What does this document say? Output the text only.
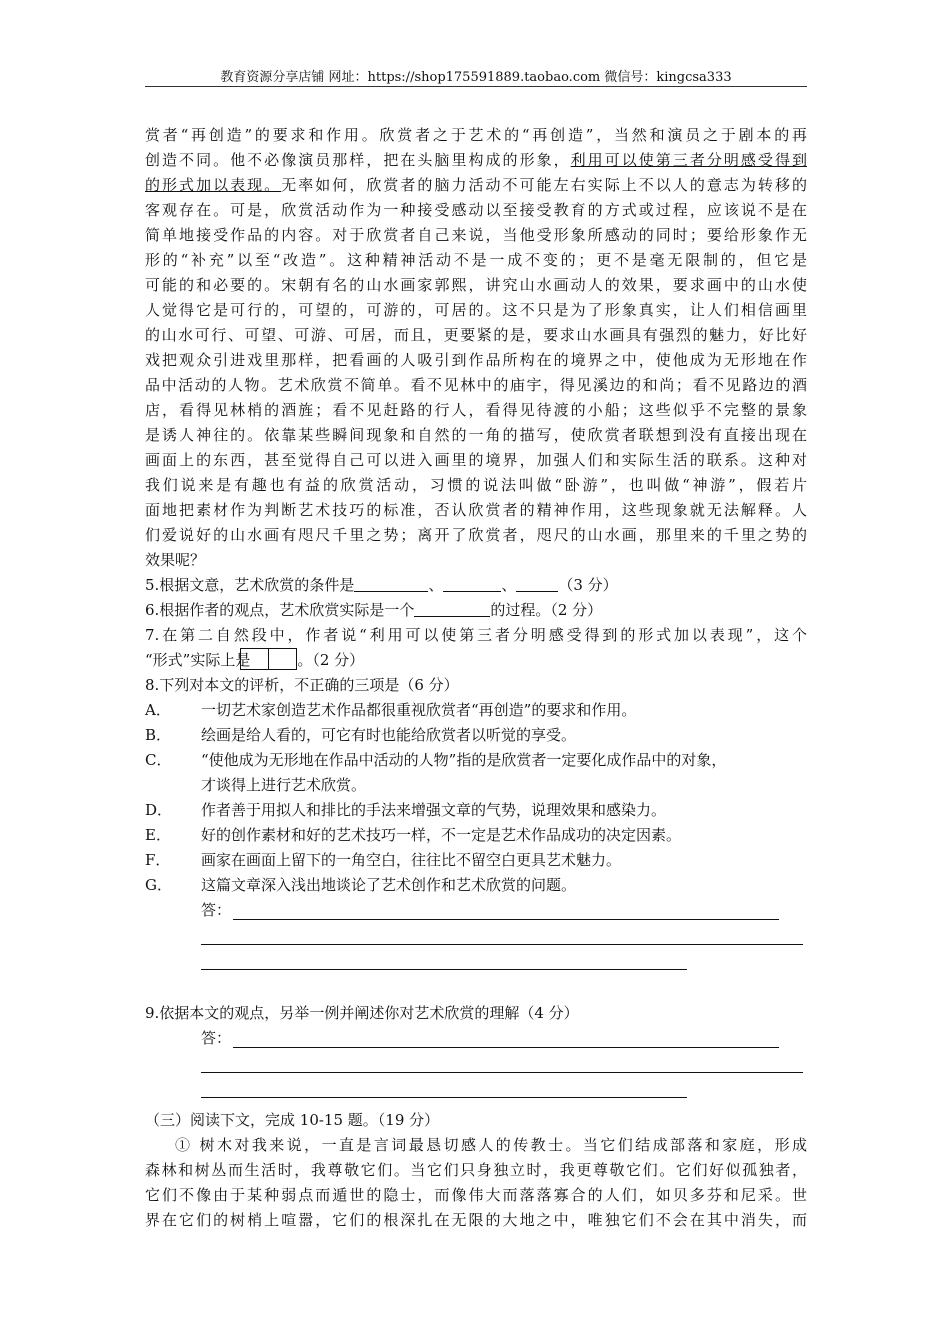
教育资源分享店铺 网址：https://shop175591889.taobao.com 微信号：kingcsa333
赏者“再创造”的要求和作用。欣赏者之于艺术的“再创造”，当然和演员之于剧本的再
创造不同。他不必像演员那样，把在头脑里构成的形象，利用可以使第三者分明感受得到
的形式加以表现。无率如何，欣赏者的脑力活动不可能左右实际上不以人的意志为转移的
客观存在。可是，欣赏活动作为一种接受感动以至接受教育的方式或过程，应该说不是在
简单地接受作品的内容。对于欣赏者自己来说，当他受形象所感动的同时；要给形象作无
形的“补充”以至“改造”。这种精神活动不是一成不变的；更不是毫无限制的，但它是
可能的和必要的。宋朝有名的山水画家郭熙，讲究山水画动人的效果，要求画中的山水使
人觉得它是可行的，可望的，可游的，可居的。这不只是为了形象真实，让人们相信画里
的山水可行、可望、可游、可居，而且，更要紧的是，要求山水画具有强烈的魅力，好比好
戏把观众引进戏里那样，把看画的人吸引到作品所构在的境界之中，使他成为无形地在作
品中活动的人物。艺术欣赏不简单。看不见林中的庙宇，得见溪边的和尚；看不见路边的酒
店，看得见林梢的酒旌；看不见赶路的行人，看得见待渡的小船；这些似乎不完整的景象
是诱人神往的。依靠某些瞬间现象和自然的一角的描写，使欣赏者联想到没有直接出现在
画面上的东西，甚至觉得自己可以进入画里的境界，加强人们和实际生活的联系。这种对
我们说来是有趣也有益的欣赏活动，习惯的说法叫做“卧游”，也叫做“神游”，假若片
面地把素材作为判断艺术技巧的标准，否认欣赏者的精神作用，这些现象就无法解释。人
们爱说好的山水画有咫尺千里之势；离开了欣赏者，咫尺的山水画，那里来的千里之势的
效果呢？
5.根据文意，艺术欣赏的条件是	、	、	（3 分）
6.根据作者的观点，艺术欣赏实际是一个	的过程。（2 分）
7.在第二自然段中，作者说“利用可以使第三者分明感受得到的形式加以表现”，这个
“形式”实际上是	。（2 分）
8.下列对本文的评析，不正确的三项是（6 分）
A．	一切艺术家创造艺术作品都很重视欣赏者“再创造”的要求和作用。
B．	绘画是给人看的，可它有时也能给欣赏者以听觉的享受。
C．	“使他成为无形地在作品中活动的人物”指的是欣赏者一定要化成作品中的对象，
才谈得上进行艺术欣赏。
D．	作者善于用拟人和排比的手法来增强文章的气势，说理效果和感染力。
E．	好的创作素材和好的艺术技巧一样，不一定是艺术作品成功的决定因素。
F．	画家在画面上留下的一角空白，往往比不留空白更具艺术魅力。
G．	这篇文章深入浅出地谈论了艺术创作和艺术欣赏的问题。
答：
9.依据本文的观点，另举一例并阐述你对艺术欣赏的理解（4 分）
答：
（三）阅读下文，完成 10-15 题。（19 分）
① 树木对我来说，一直是言词最恳切感人的传教士。当它们结成部落和家庭，形成
森林和树丛而生活时，我尊敬它们。当它们只身独立时，我更尊敬它们。它们好似孤独者，
它们不像由于某种弱点而遁世的隐士，而像伟大而落落寡合的人们，如贝多芬和尼采。世
界在它们的树梢上喧嚣，它们的根深扎在无限的大地之中，唯独它们不会在其中消失，而
